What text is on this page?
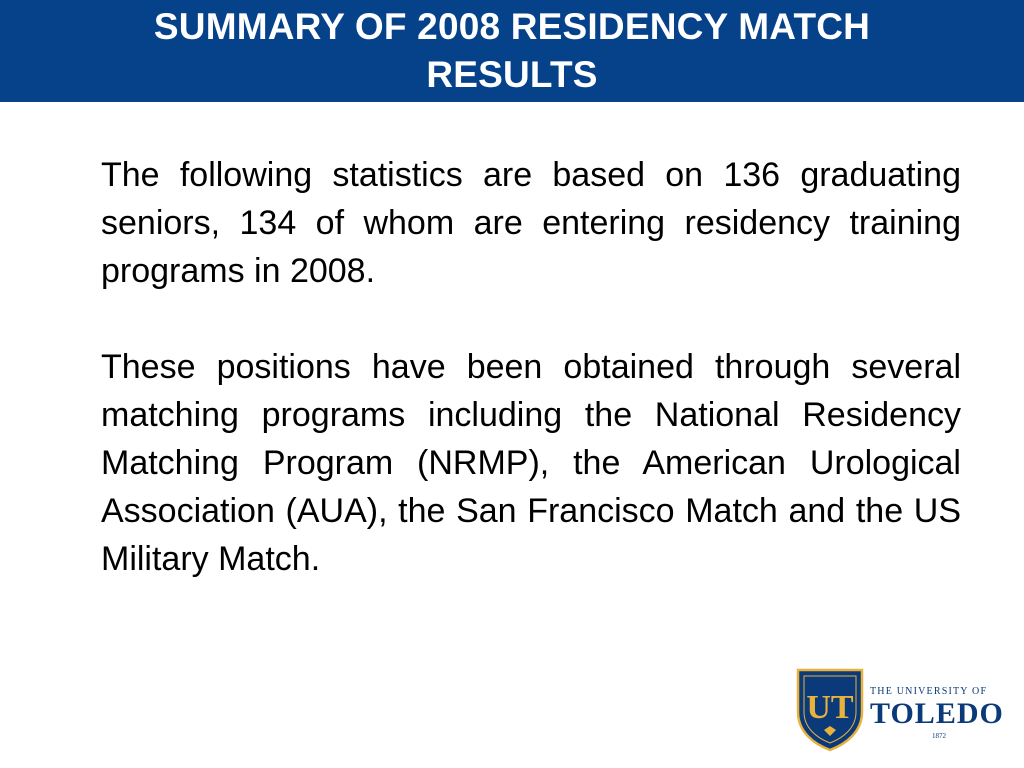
SUMMARY OF 2008 RESIDENCY MATCH
RESULTS

The following statistics are based on 136 graduating seniors, 134 of whom are entering residency training programs in 2008.

These positions have been obtained through several matching programs including the National Residency Matching Program (NRMP), the American Urological Association (AUA), the San Francisco Match and the US Military Match.

UT THE UNIVERSITY OF
TOLEDO
1872
